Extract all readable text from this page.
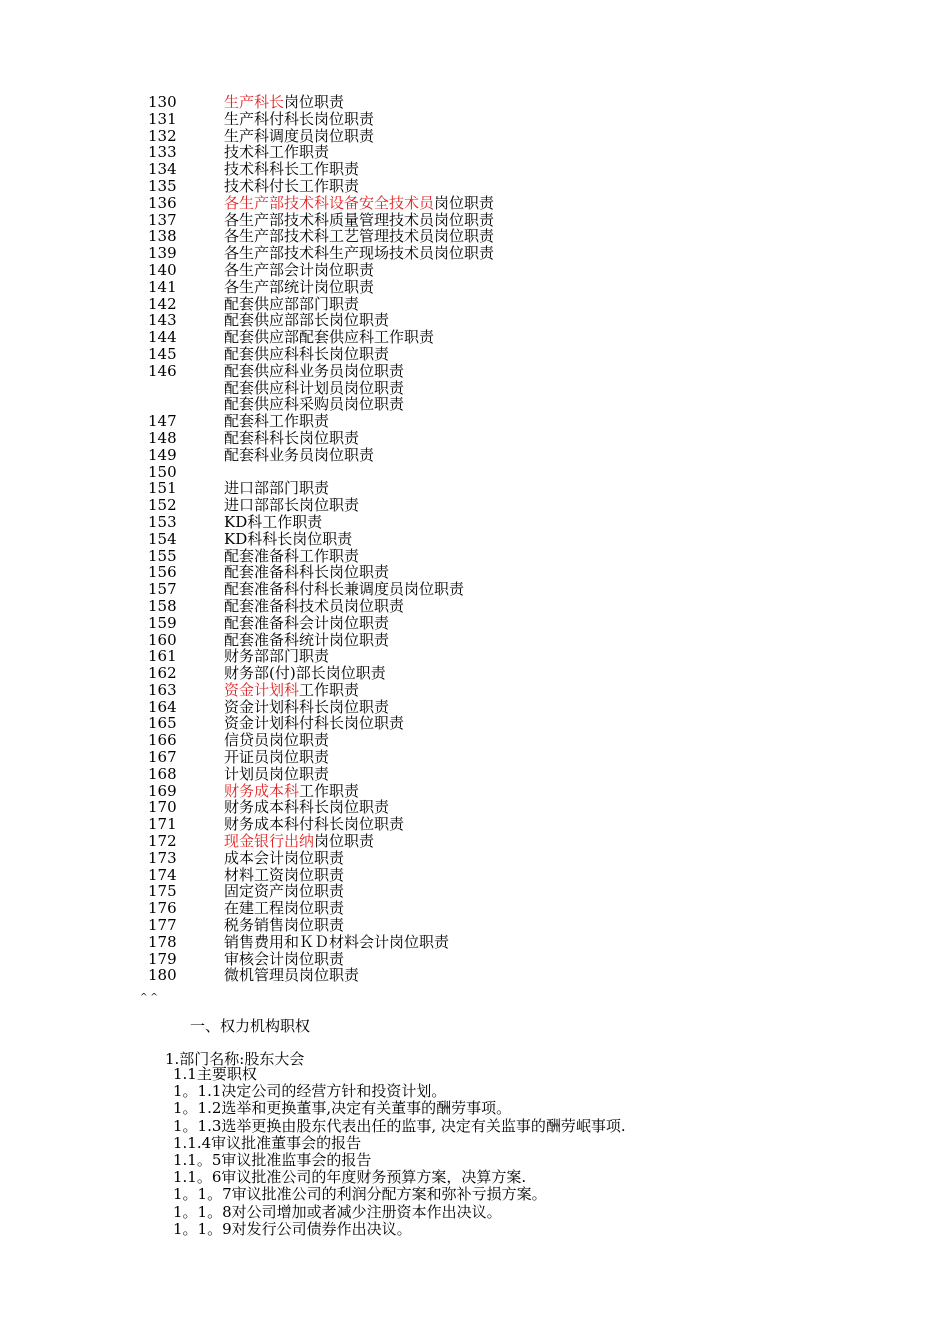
130	生产科长岗位职责
131	生产科付科长岗位职责
132	生产科调度员岗位职责
133	技术科工作职责
134	技术科科长工作职责
135	技术科付长工作职责
136	各生产部技术科设备安全技术员岗位职责
137	各生产部技术科质量管理技术员岗位职责
138	各生产部技术科工艺管理技术员岗位职责
139	各生产部技术科生产现场技术员岗位职责
140	各生产部会计岗位职责
141	各生产部统计岗位职责
142	配套供应部部门职责
143	配套供应部部长岗位职责
144	配套供应部配套供应科工作职责
145	配套供应科科长岗位职责
146	配套供应科业务员岗位职责
配套供应科计划员岗位职责
配套供应科采购员岗位职责
147	配套科工作职责
148	配套科科长岗位职责
149	配套科业务员岗位职责
150
151	进口部部门职责
152	进口部部长岗位职责
153	KD科工作职责
154	KD科科长岗位职责
155	配套准备科工作职责
156	配套准备科科长岗位职责
157	配套准备科付科长兼调度员岗位职责
158	配套准备科技术员岗位职责
159	配套准备科会计岗位职责
160	配套准备科统计岗位职责
161	财务部部门职责
162	财务部(付)部长岗位职责
163	资金计划科工作职责
164	资金计划科科长岗位职责
165	资金计划科付科长岗位职责
166	信贷员岗位职责
167	开证员岗位职责
168	计划员岗位职责
169	财务成本科工作职责
170	财务成本科科长岗位职责
171	财务成本科付科长岗位职责
172	现金银行出纳岗位职责
173	成本会计岗位职责
174	材料工资岗位职责
175	固定资产岗位职责
176	在建工程岗位职责
177	税务销售岗位职责
178	销售费用和ＫＤ材料会计岗位职责
179	审核会计岗位职责
180	微机管理员岗位职责
^ ^
一、权力机构职权
1.部门名称:股东大会
1.1主要职权
1。1.1决定公司的经营方针和投资计划。
1。1.2选举和更换董事,决定有关董事的酬劳事项。
1。1.3选举更换由股东代表出任的监事, 决定有关监事的酬劳岷事项.
1.1.4审议批准董事会的报告
1.1。5审议批准监事会的报告
1.1。6审议批准公司的年度财务预算方案，决算方案.
1。1。7审议批准公司的利润分配方案和弥补亏损方案。
1。1。8对公司增加或者减少注册资本作出决议。
1。1。9对发行公司债券作出决议。
